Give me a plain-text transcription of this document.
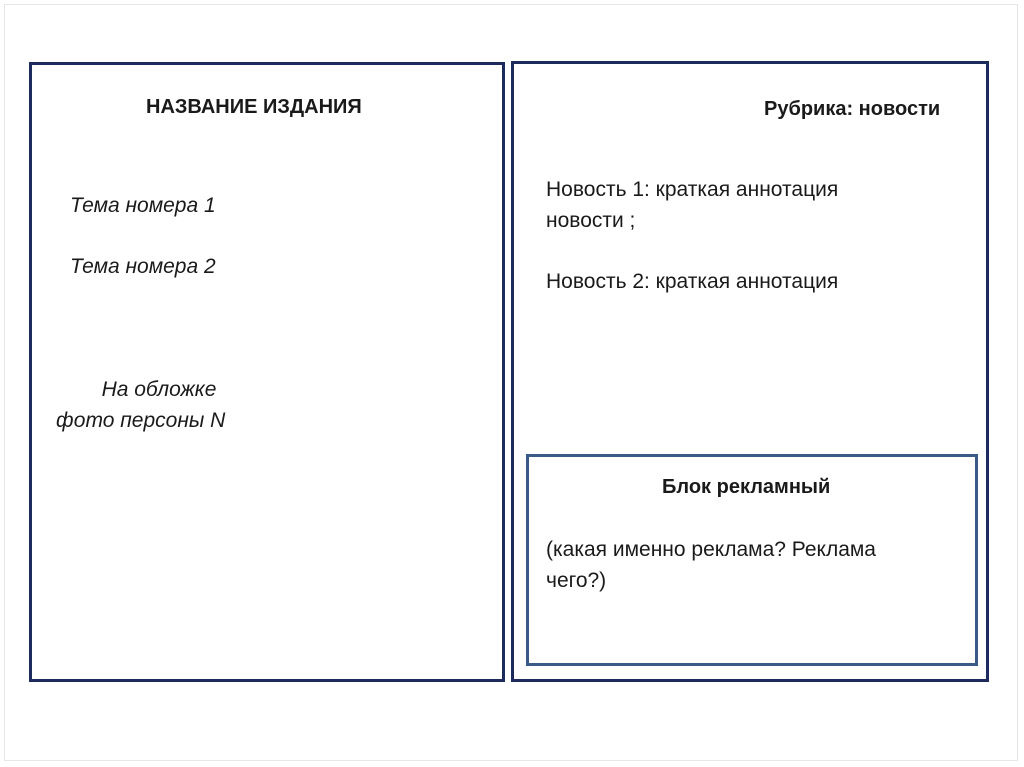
НАЗВАНИЕ ИЗДАНИЯ
Тема номера 1
Тема номера 2
На обложке
фото персоны N
Рубрика: новости
Новость 1: краткая аннотация
новости ;
Новость 2: краткая аннотация
Блок рекламный
(какая именно реклама? Реклама
чего?)
